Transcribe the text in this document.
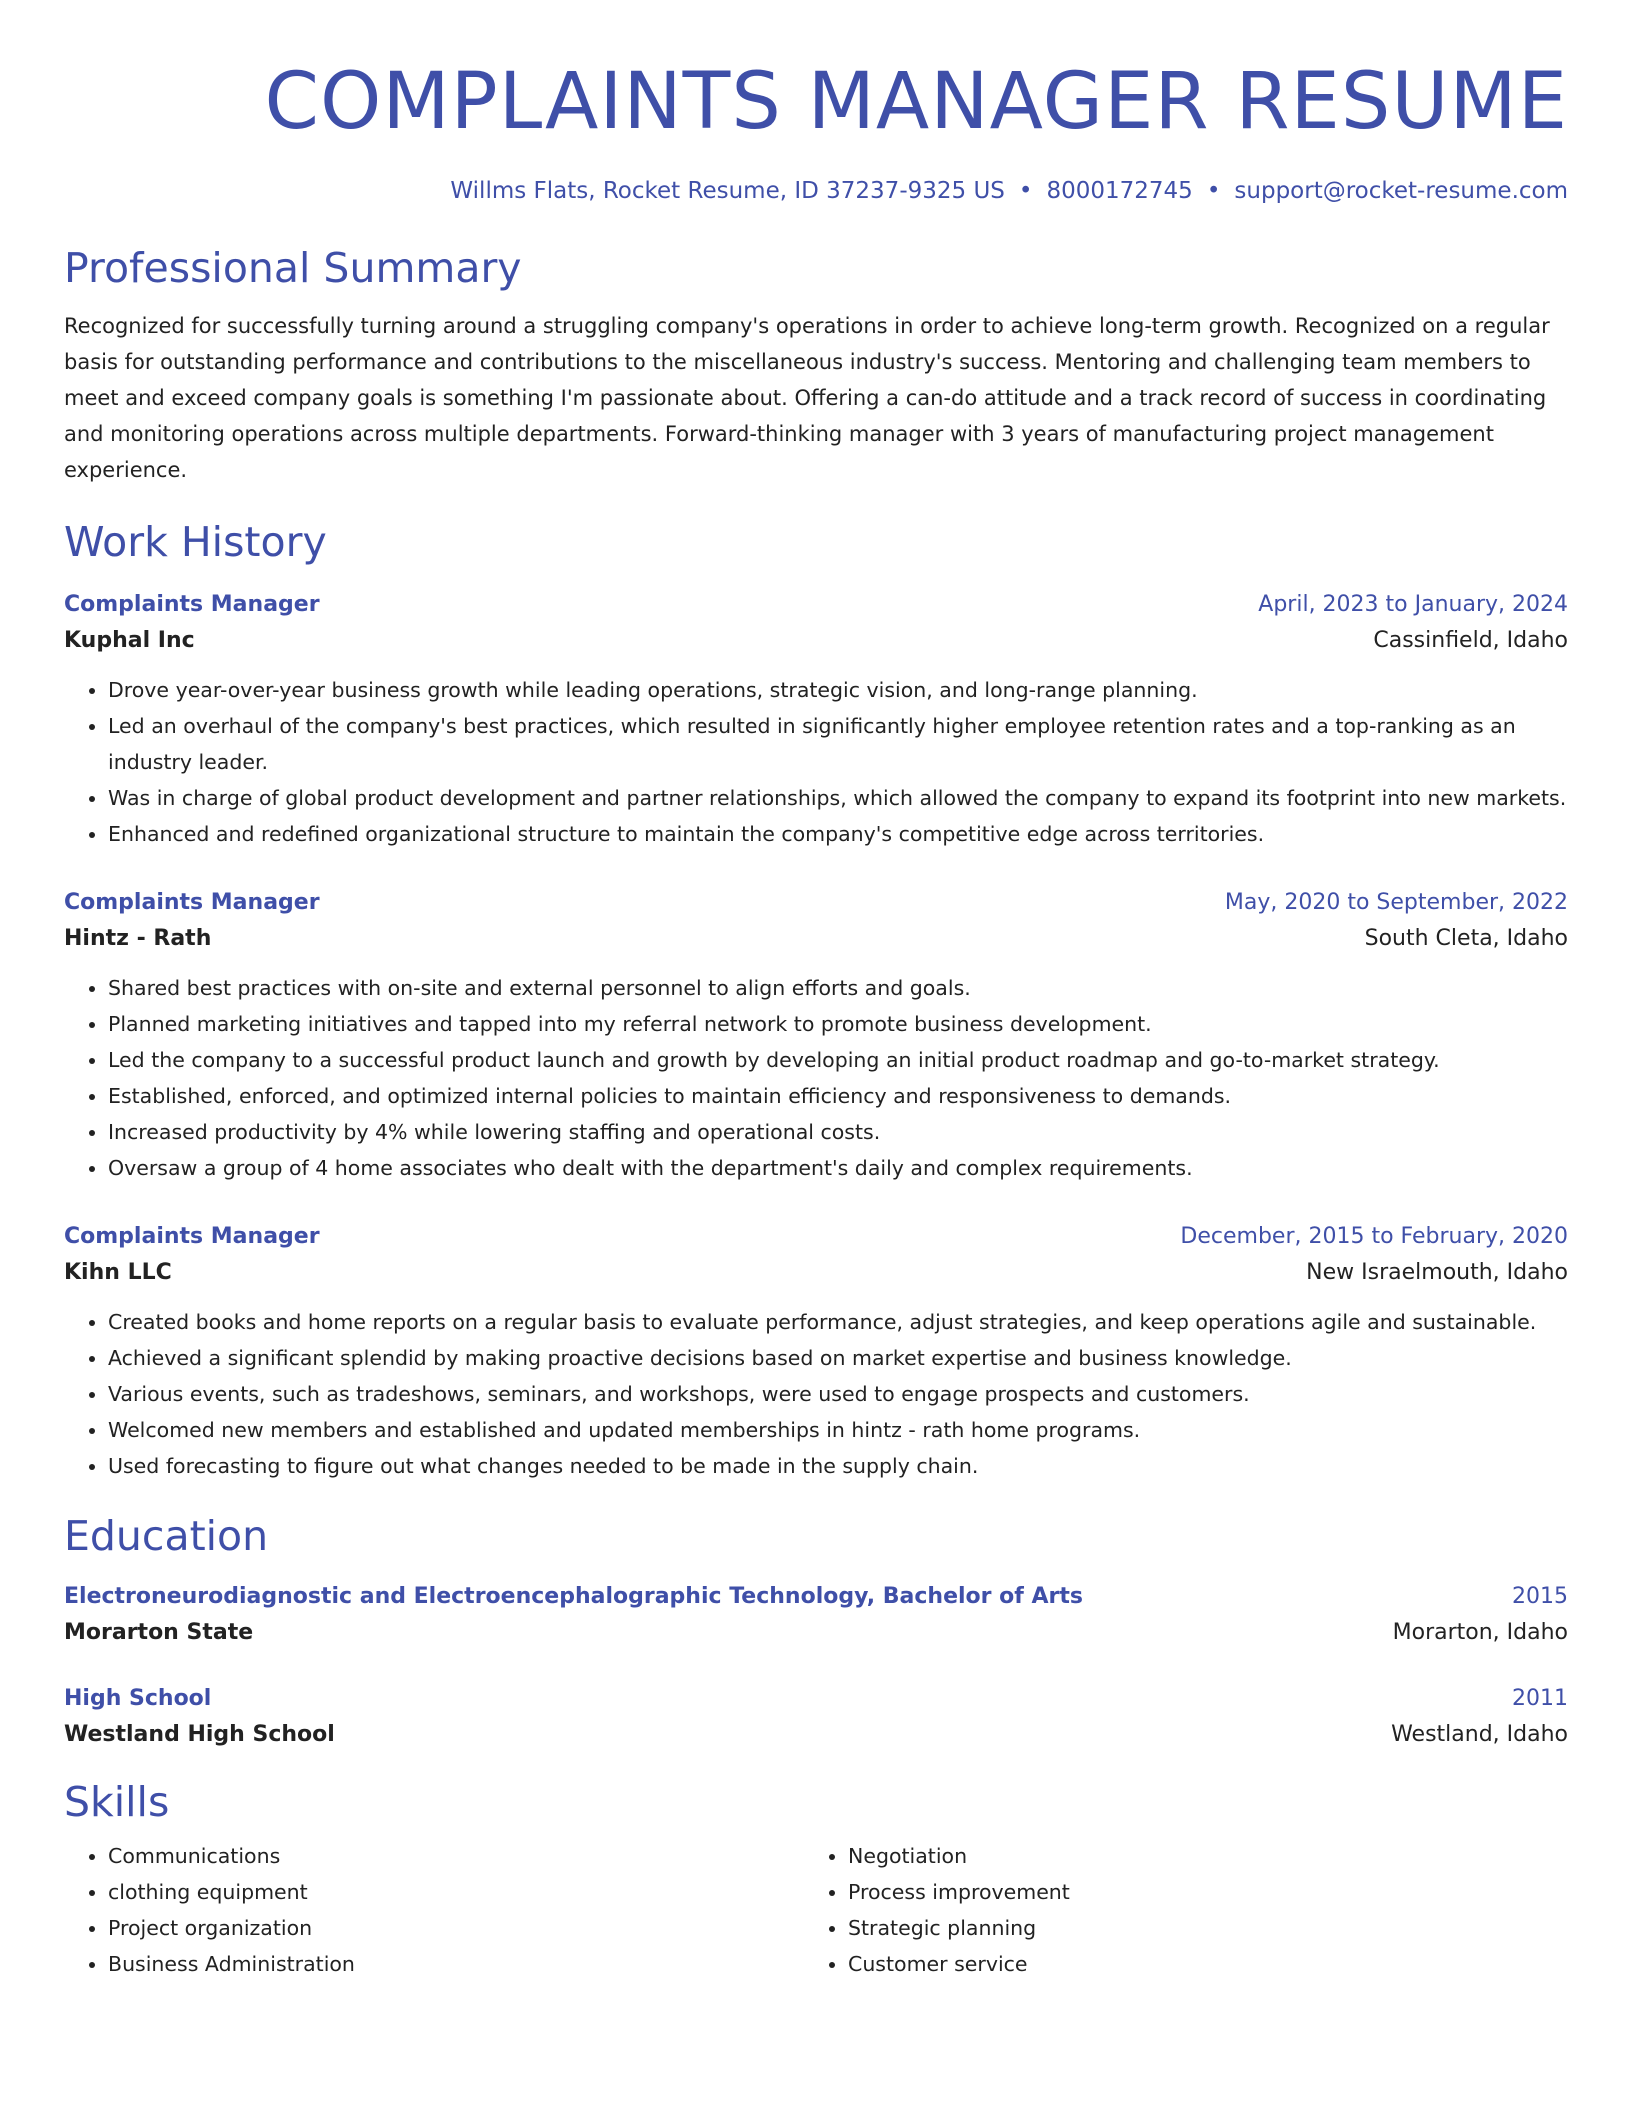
COMPLAINTS MANAGER RESUME
Willms Flats, Rocket Resume, ID 37237-9325 US • 8000172745 • support@rocket-resume.com
Professional Summary
Recognized for successfully turning around a struggling company's operations in order to achieve long-term growth. Recognized on a regular basis for outstanding performance and contributions to the miscellaneous industry's success. Mentoring and challenging team members to meet and exceed company goals is something I'm passionate about. Offering a can-do attitude and a track record of success in coordinating and monitoring operations across multiple departments. Forward-thinking manager with 3 years of manufacturing project management experience.
Work History
Complaints Manager	April, 2023 to January, 2024
Kuphal Inc	Cassinfield, Idaho
• Drove year-over-year business growth while leading operations, strategic vision, and long-range planning.
• Led an overhaul of the company's best practices, which resulted in significantly higher employee retention rates and a top-ranking as an industry leader.
• Was in charge of global product development and partner relationships, which allowed the company to expand its footprint into new markets.
• Enhanced and redefined organizational structure to maintain the company's competitive edge across territories.
Complaints Manager	May, 2020 to September, 2022
Hintz - Rath	South Cleta, Idaho
• Shared best practices with on-site and external personnel to align efforts and goals.
• Planned marketing initiatives and tapped into my referral network to promote business development.
• Led the company to a successful product launch and growth by developing an initial product roadmap and go-to-market strategy.
• Established, enforced, and optimized internal policies to maintain efficiency and responsiveness to demands.
• Increased productivity by 4% while lowering staffing and operational costs.
• Oversaw a group of 4 home associates who dealt with the department's daily and complex requirements.
Complaints Manager	December, 2015 to February, 2020
Kihn LLC	New Israelmouth, Idaho
• Created books and home reports on a regular basis to evaluate performance, adjust strategies, and keep operations agile and sustainable.
• Achieved a significant splendid by making proactive decisions based on market expertise and business knowledge.
• Various events, such as tradeshows, seminars, and workshops, were used to engage prospects and customers.
• Welcomed new members and established and updated memberships in hintz - rath home programs.
• Used forecasting to figure out what changes needed to be made in the supply chain.
Education
Electroneurodiagnostic and Electroencephalographic Technology, Bachelor of Arts	2015
Morarton State	Morarton, Idaho
High School	2011
Westland High School	Westland, Idaho
Skills
• Communications
• clothing equipment
• Project organization
• Business Administration
• Negotiation
• Process improvement
• Strategic planning
• Customer service
